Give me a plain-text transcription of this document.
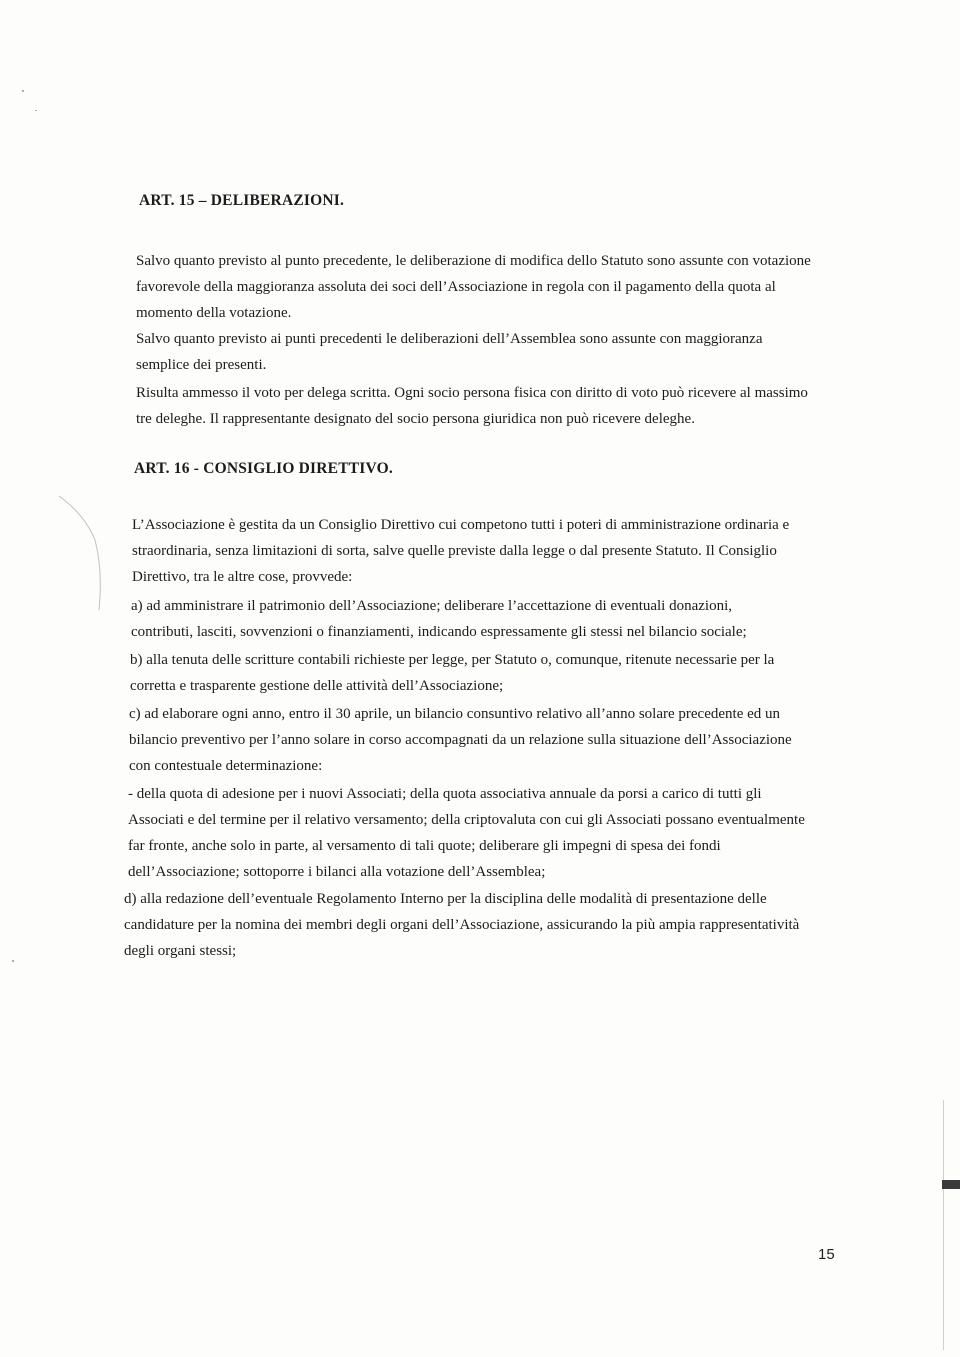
ART. 15 – DELIBERAZIONI.

Salvo quanto previsto al punto precedente, le deliberazione di modifica dello Statuto sono assunte con votazione
favorevole della maggioranza assoluta dei soci dell’Associazione in regola con il pagamento della quota al
momento della votazione.

Salvo quanto previsto ai punti precedenti le deliberazioni dell’Assemblea sono assunte con maggioranza
semplice dei presenti.

Risulta ammesso il voto per delega scritta. Ogni socio persona fisica con diritto di voto può ricevere al massimo
tre deleghe. Il rappresentante designato del socio persona giuridica non può ricevere deleghe.

ART. 16 - CONSIGLIO DIRETTIVO.

L’Associazione è gestita da un Consiglio Direttivo cui competono tutti i poteri di amministrazione ordinaria e
straordinaria, senza limitazioni di sorta, salve quelle previste dalla legge o dal presente Statuto. Il Consiglio
Direttivo, tra le altre cose, provvede:

a) ad amministrare il patrimonio dell’Associazione; deliberare l’accettazione di eventuali donazioni,
contributi, lasciti, sovvenzioni o finanziamenti, indicando espressamente gli stessi nel bilancio sociale;

b) alla tenuta delle scritture contabili richieste per legge, per Statuto o, comunque, ritenute necessarie per la
corretta e trasparente gestione delle attività dell’Associazione;

c) ad elaborare ogni anno, entro il 30 aprile, un bilancio consuntivo relativo all’anno solare precedente ed un
bilancio preventivo per l’anno solare in corso accompagnati da un relazione sulla situazione dell’Associazione
con contestuale determinazione:

- della quota di adesione per i nuovi Associati; della quota associativa annuale da porsi a carico di tutti gli
Associati e del termine per il relativo versamento; della criptovaluta con cui gli Associati possano eventualmente
far fronte, anche solo in parte, al versamento di tali quote; deliberare gli impegni di spesa dei fondi
dell’Associazione; sottoporre i bilanci alla votazione dell’Assemblea;

d) alla redazione dell’eventuale Regolamento Interno per la disciplina delle modalità di presentazione delle
candidature per la nomina dei membri degli organi dell’Associazione, assicurando la più ampia rappresentatività
degli organi stessi;

15
